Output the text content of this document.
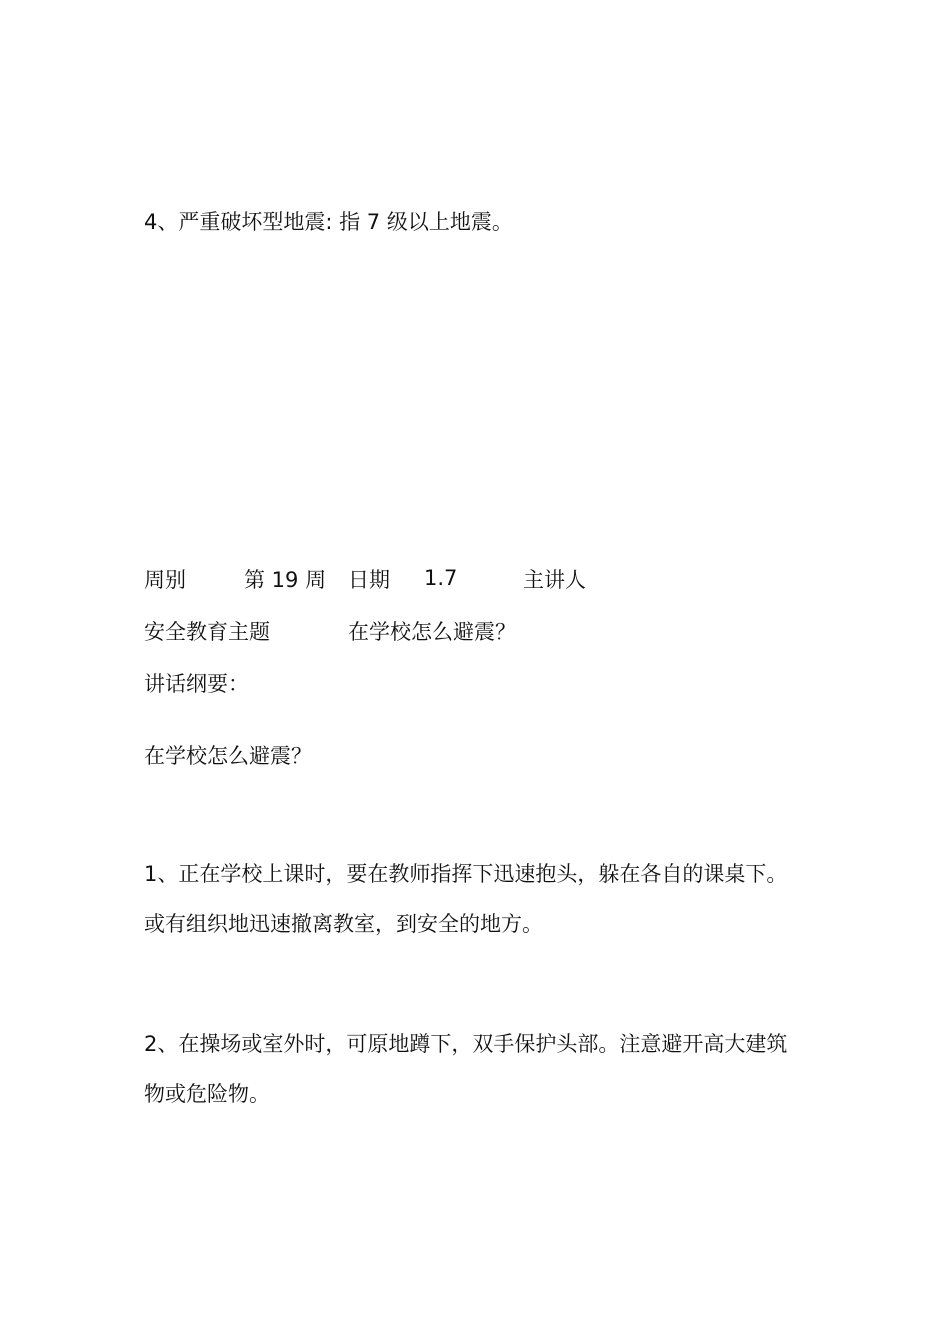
4、严重破坏型地震: 指 7 级以上地震。
周别	第 19 周 日期 1.7	主讲人
安全教育主题	在学校怎么避震？
讲话纲要：
在学校怎么避震？
1、正在学校上课时，要在教师指挥下迅速抱头，躲在各自的课桌下。或有组织地迅速撤离教室，到安全的地方。
2、在操场或室外时，可原地蹲下，双手保护头部。注意避开高大建筑物或危险物。
